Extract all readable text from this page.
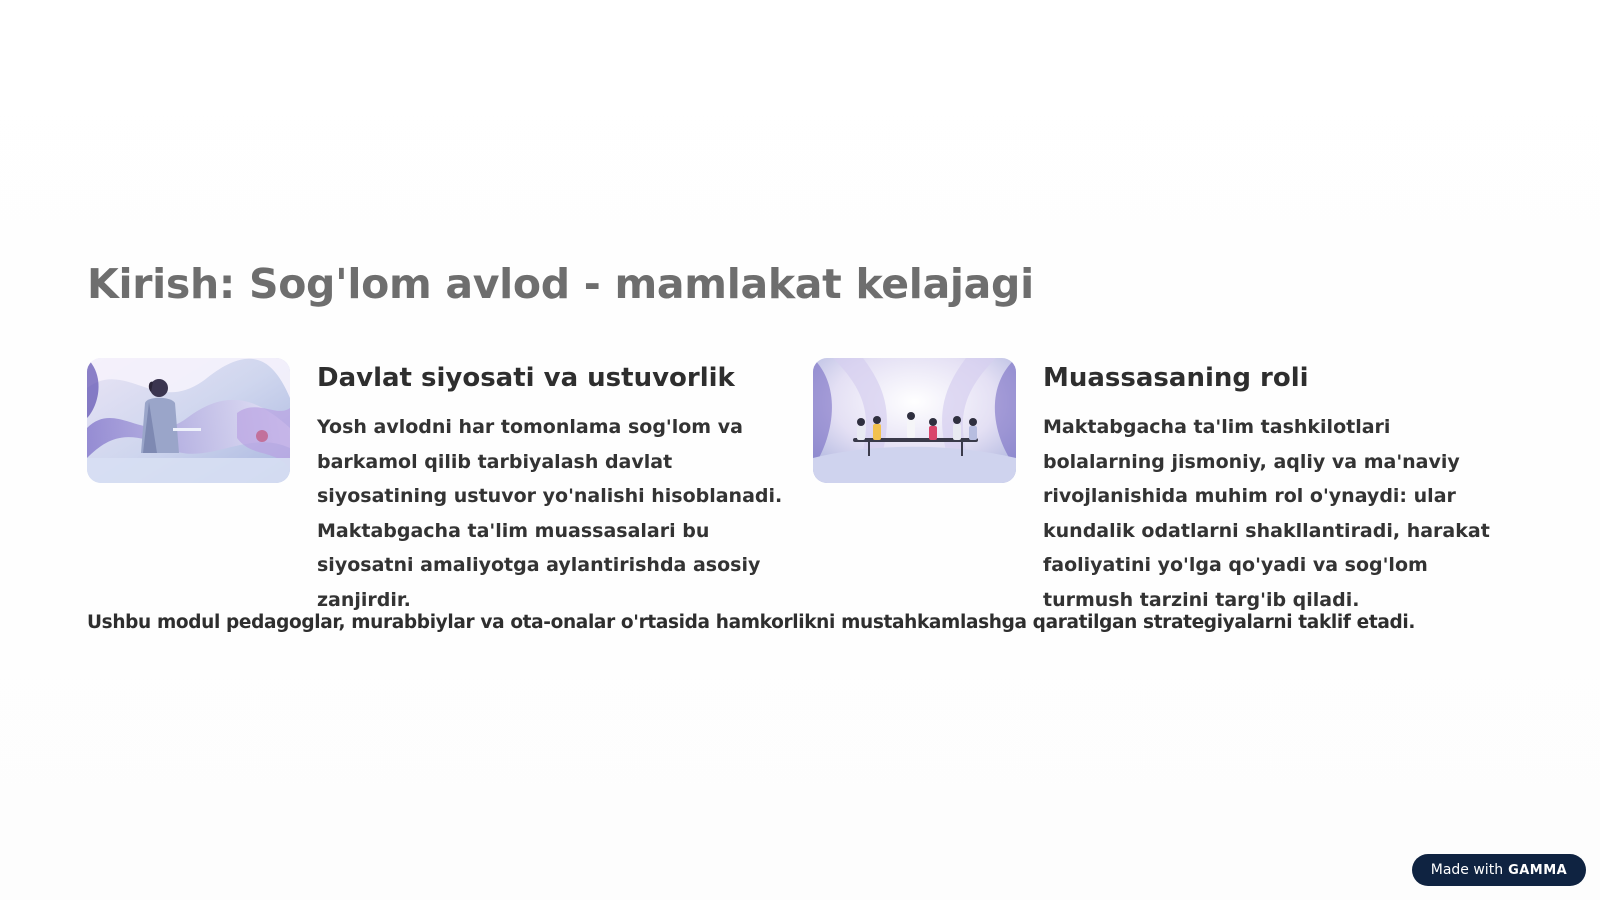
Kirish: Sog'lom avlod - mamlakat kelajagi
Davlat siyosati va ustuvorlik

Yosh avlodni har tomonlama sog'lom va barkamol qilib tarbiyalash davlat siyosatining ustuvor yo'nalishi hisoblanadi. Maktabgacha ta'lim muassasalari bu siyosatni amaliyotga aylantirishda asosiy zanjirdir.

Muassasaning roli

Maktabgacha ta'lim tashkilotlari bolalarning jismoniy, aqliy va ma'naviy rivojlanishida muhim rol o'ynaydi: ular kundalik odatlarni shakllantiradi, harakat faoliyatini yo'lga qo'yadi va sog'lom turmush tarzini targ'ib qiladi.

Ushbu modul pedagoglar, murabbiylar va ota-onalar o'rtasida hamkorlikni mustahkamlashga qaratilgan strategiyalarni taklif etadi.

Made with GAMMA
